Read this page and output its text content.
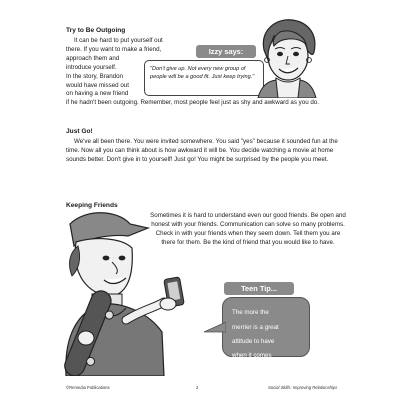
Try to Be Outgoing

It can be hard to put yourself out

there. If you want to make a friend,

approach them and

introduce yourself.

In the story, Brandon

would have missed out

on having a new friend

if he hadn't been outgoing. Remember, most people feel just as shy and awkward as you do.

Izzy says:

"Don't give up. Not every new group of people will be a good fit. Just keep trying."

Just Go!

We've all been there. You were invited somewhere. You said "yes" because it sounded fun at the time. Now all you can think about is how awkward it will be. You decide watching a movie at home sounds better. Don't give in to yourself! Just go! You might be surprised by the people you meet.

Keeping Friends

Sometimes it is hard to understand even our good friends. Be open and honest with your friends. Communication can solve so many problems. Check in with your friends when they seem down. Tell them you are there for them. Be the kind of friend that you would like to have.

Teen Tip...

The more the

merrier is a great

attitude to have

when it comes

to friends.

©Remedia Publications	2	Social Skills: Improving Relationships
